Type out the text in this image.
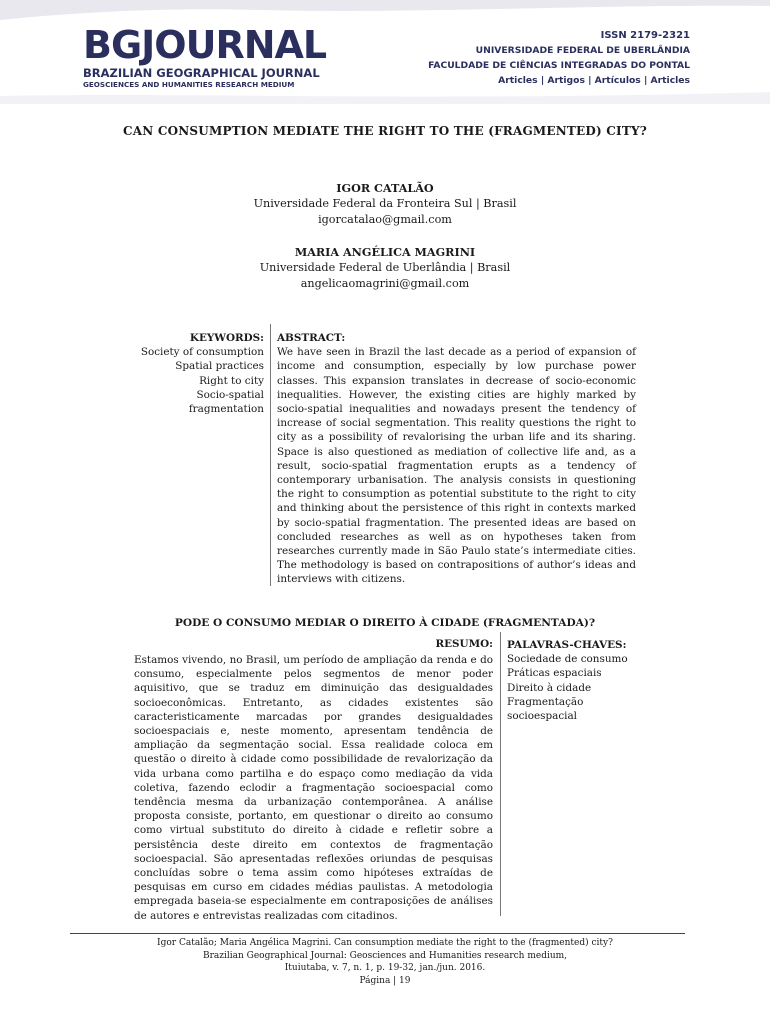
BGJOURNAL
BRAZILIAN GEOGRAPHICAL JOURNAL
GEOSCIENCES AND HUMANITIES RESEARCH MEDIUM
ISSN 2179-2321
UNIVERSIDADE FEDERAL DE UBERLÂNDIA
FACULDADE DE CIÊNCIAS INTEGRADAS DO PONTAL
Articles | Artigos | Artículos | Articles
CAN CONSUMPTION MEDIATE THE RIGHT TO THE (FRAGMENTED) CITY?
IGOR CATALÃO
Universidade Federal da Fronteira Sul | Brasil
igorcatalao@gmail.com
MARIA ANGÉLICA MAGRINI
Universidade Federal de Uberlândia | Brasil
angelicaomagrini@gmail.com
KEYWORDS:
Society of consumption
Spatial practices
Right to city
Socio-spatial
fragmentation
ABSTRACT:
We have seen in Brazil the last decade as a period of expansion of income and consumption, especially by low purchase power classes. This expansion translates in decrease of socio-economic inequalities. However, the existing cities are highly marked by socio-spatial inequalities and nowadays present the tendency of increase of social segmentation. This reality questions the right to city as a possibility of revalorising the urban life and its sharing. Space is also questioned as mediation of collective life and, as a result, socio-spatial fragmentation erupts as a tendency of contemporary urbanisation. The analysis consists in questioning the right to consumption as potential substitute to the right to city and thinking about the persistence of this right in contexts marked by socio-spatial fragmentation. The presented ideas are based on concluded researches as well as on hypotheses taken from researches currently made in São Paulo state’s intermediate cities. The methodology is based on contrapositions of author’s ideas and interviews with citizens.
PODE O CONSUMO MEDIAR O DIREITO À CIDADE (FRAGMENTADA)?
RESUMO:
Estamos vivendo, no Brasil, um período de ampliação da renda e do consumo, especialmente pelos segmentos de menor poder aquisitivo, que se traduz em diminuição das desigualdades socioeconômicas. Entretanto, as cidades existentes são caracteristicamente marcadas por grandes desigualdades socioespaciais e, neste momento, apresentam tendência de ampliação da segmentação social. Essa realidade coloca em questão o direito à cidade como possibilidade de revalorização da vida urbana como partilha e do espaço como mediação da vida coletiva, fazendo eclodir a fragmentação socioespacial como tendência mesma da urbanização contemporânea. A análise proposta consiste, portanto, em questionar o direito ao consumo como virtual substituto do direito à cidade e refletir sobre a persistência deste direito em contextos de fragmentação socioespacial. São apresentadas reflexões oriundas de pesquisas concluídas sobre o tema assim como hipóteses extraídas de pesquisas em curso em cidades médias paulistas. A metodologia empregada baseia-se especialmente em contraposições de análises de autores e entrevistas realizadas com citadinos.
PALAVRAS-CHAVES:
Sociedade de consumo
Práticas espaciais
Direito à cidade
Fragmentação
socioespacial
Igor Catalão; Maria Angélica Magrini. Can consumption mediate the right to the (fragmented) city?
Brazilian Geographical Journal: Geosciences and Humanities research medium,
Ituiutaba, v. 7, n. 1, p. 19-32, jan./jun. 2016.
Página | 19
